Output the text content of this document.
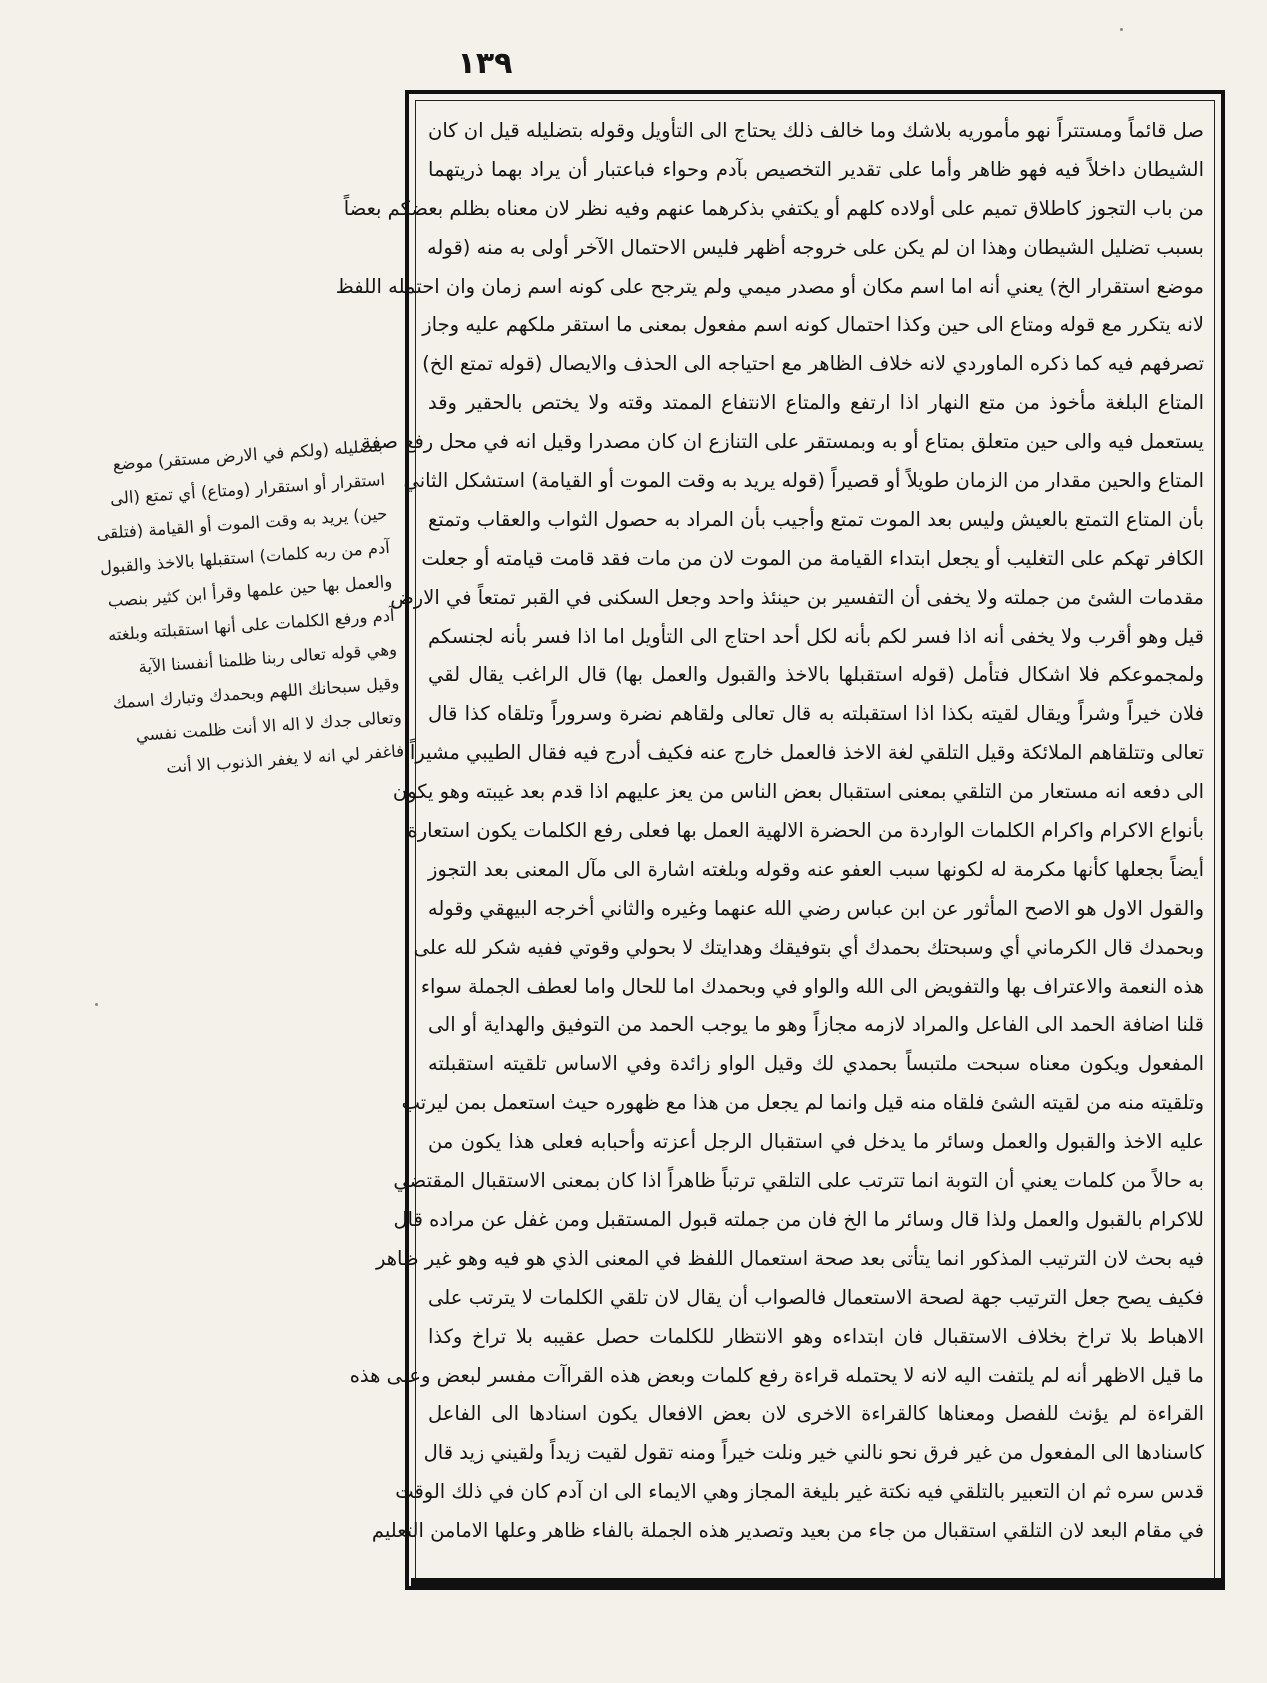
١٣٩
صل قائماً ومستتراً نهو مأموريه بلاشك وما خالف ذلك يحتاج الى التأويل وقوله بتضليله قيل ان كان
الشيطان داخلاً فيه فهو ظاهر وأما على تقدير التخصيص بآدم وحواء فباعتبار أن يراد بهما ذريتهما
من باب التجوز كاطلاق تميم على أولاده كلهم أو يكتفي بذكرهما عنهم وفيه نظر لان معناه بظلم بعضكم بعضاً
بسبب تضليل الشيطان وهذا ان لم يكن على خروجه أظهر فليس الاحتمال الآخر أولى به منه (قوله
موضع استقرار الخ) يعني أنه اما اسم مكان أو مصدر ميمي ولم يترجح على كونه اسم زمان وان احتمله اللفظ
لانه يتكرر مع قوله ومتاع الى حين وكذا احتمال كونه اسم مفعول بمعنى ما استقر ملكهم عليه وجاز
تصرفهم فيه كما ذكره الماوردي لانه خلاف الظاهر مع احتياجه الى الحذف والايصال (قوله تمتع الخ)
المتاع البلغة مأخوذ من متع النهار اذا ارتفع والمتاع الانتفاع الممتد وقته ولا يختص بالحقير وقد
يستعمل فيه والى حين متعلق بمتاع أو به وبمستقر على التنازع ان كان مصدرا وقيل انه في محل رفع صفة
المتاع والحين مقدار من الزمان طويلاً أو قصيراً (قوله يريد به وقت الموت أو القيامة) استشكل الثاني
بأن المتاع التمتع بالعيش وليس بعد الموت تمتع وأجيب بأن المراد به حصول الثواب والعقاب وتمتع
الكافر تهكم على التغليب أو يجعل ابتداء القيامة من الموت لان من مات فقد قامت قيامته أو جعلت
مقدمات الشئ من جملته ولا يخفى أن التفسير بن حينئذ واحد وجعل السكنى في القبر تمتعاً في الارض
قيل وهو أقرب ولا يخفى أنه اذا فسر لكم بأنه لكل أحد احتاج الى التأويل اما اذا فسر بأنه لجنسكم
ولمجموعكم فلا اشكال فتأمل (قوله استقبلها بالاخذ والقبول والعمل بها) قال الراغب يقال لقي
فلان خيراً وشراً ويقال لقيته بكذا اذا استقبلته به قال تعالى ولقاهم نضرة وسروراً وتلقاه كذا قال
تعالى وتتلقاهم الملائكة وقيل التلقي لغة الاخذ فالعمل خارج عنه فكيف أدرج فيه فقال الطيبي مشيراً
الى دفعه انه مستعار من التلقي بمعنى استقبال بعض الناس من يعز عليهم اذا قدم بعد غيبته وهو يكون
بأنواع الاكرام واكرام الكلمات الواردة من الحضرة الالهية العمل بها فعلى رفع الكلمات يكون استعارة
أيضاً بجعلها كأنها مكرمة له لكونها سبب العفو عنه وقوله وبلغته اشارة الى مآل المعنى بعد التجوز
والقول الاول هو الاصح المأثور عن ابن عباس رضي الله عنهما وغيره والثاني أخرجه البيهقي وقوله
وبحمدك قال الكرماني أي وسبحتك بحمدك أي بتوفيقك وهدايتك لا بحولي وقوتي ففيه شكر لله على
هذه النعمة والاعتراف بها والتفويض الى الله والواو في وبحمدك اما للحال واما لعطف الجملة سواء
قلنا اضافة الحمد الى الفاعل والمراد لازمه مجازاً وهو ما يوجب الحمد من التوفيق والهداية أو الى
المفعول ويكون معناه سبحت ملتبساً بحمدي لك وقيل الواو زائدة وفي الاساس تلقيته استقبلته
وتلقيته منه من لقيته الشئ فلقاه منه قيل وانما لم يجعل من هذا مع ظهوره حيث استعمل بمن ليرتب
عليه الاخذ والقبول والعمل وسائر ما يدخل في استقبال الرجل أعزته وأحبابه فعلى هذا يكون من
به حالاً من كلمات يعني أن التوبة انما تترتب على التلقي ترتباً ظاهراً اذا كان بمعنى الاستقبال المقتضي
للاكرام بالقبول والعمل ولذا قال وسائر ما الخ فان من جملته قبول المستقبل ومن غفل عن مراده قال
فيه بحث لان الترتيب المذكور انما يتأتى بعد صحة استعمال اللفظ في المعنى الذي هو فيه وهو غير ظاهر
فكيف يصح جعل الترتيب جهة لصحة الاستعمال فالصواب أن يقال لان تلقي الكلمات لا يترتب على
الاهباط بلا تراخ بخلاف الاستقبال فان ابتداءه وهو الانتظار للكلمات حصل عقيبه بلا تراخ وكذا
ما قيل الاظهر أنه لم يلتفت اليه لانه لا يحتمله قراءة رفع كلمات وبعض هذه القراآت مفسر لبعض وعلى هذه
القراءة لم يؤنث للفصل ومعناها كالقراءة الاخرى لان بعض الافعال يكون اسنادها الى الفاعل
كاسنادها الى المفعول من غير فرق نحو نالني خير ونلت خيراً ومنه تقول لقيت زيداً ولقيني زيد قال
قدس سره ثم ان التعبير بالتلقي فيه نكتة غير بليغة المجاز وهي الايماء الى ان آدم كان في ذلك الوقت
في مقام البعد لان التلقي استقبال من جاء من بعيد وتصدير هذه الجملة بالفاء ظاهر وعلها الامامن التعليم
بتضليله (ولكم في الارض مستقر) موضع
استقرار أو استقرار (ومتاع) أي تمتع (الى
حين) يريد به وقت الموت أو القيامة (فتلقى
آدم من ربه كلمات) استقبلها بالاخذ والقبول
والعمل بها حين علمها وقرأ ابن كثير بنصب
آدم ورفع الكلمات على أنها استقبلته وبلغته
وهي قوله تعالى ربنا ظلمنا أنفسنا الآية
وقيل سبحانك اللهم وبحمدك وتبارك اسمك
وتعالى جدك لا اله الا أنت ظلمت نفسي
فاغفر لي انه لا يغفر الذنوب الا أنت
